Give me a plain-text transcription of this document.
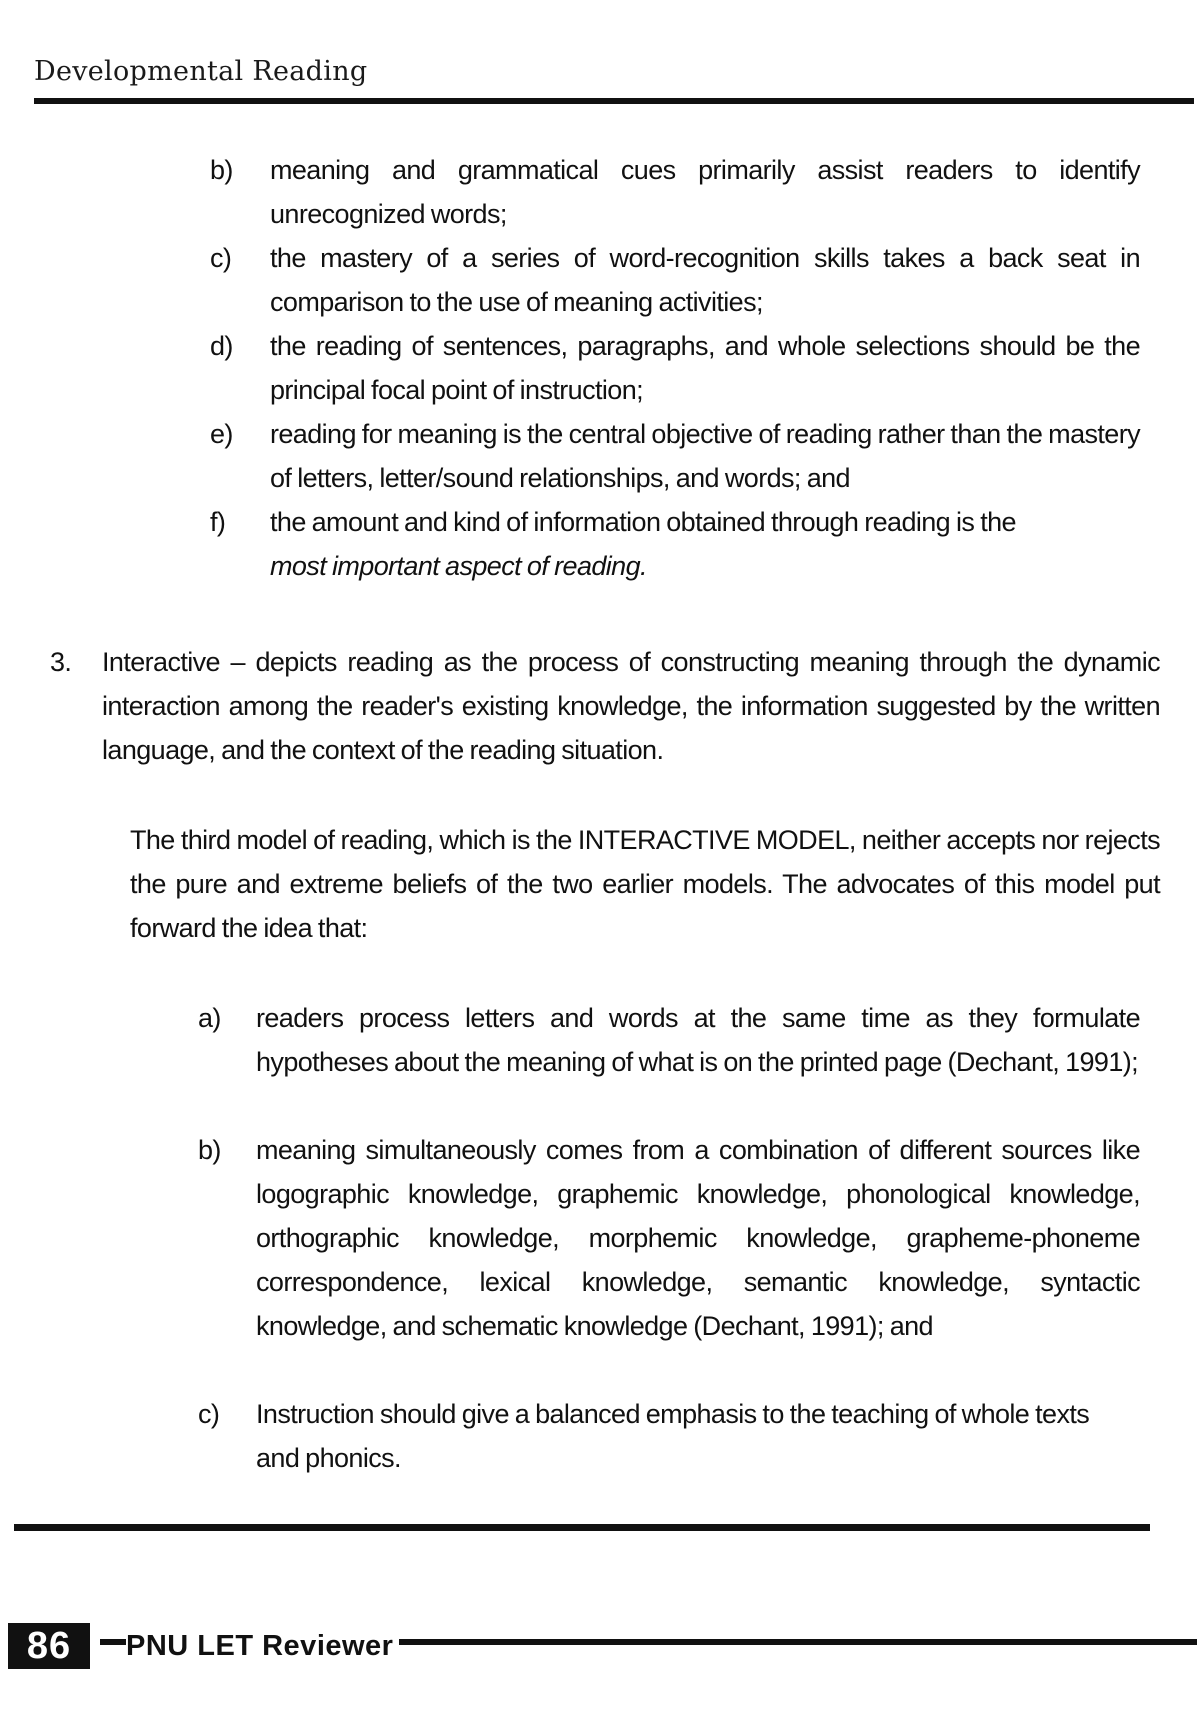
Developmental Reading
b) meaning and grammatical cues primarily assist readers to identify unrecognized words;
c) the mastery of a series of word-recognition skills takes a back seat in comparison to the use of meaning activities;
d) the reading of sentences, paragraphs, and whole selections should be the principal focal point of instruction;
e) reading for meaning is the central objective of reading rather than the mastery of letters, letter/sound relationships, and words; and
f) the amount and kind of information obtained through reading is the
most important aspect of reading.
3. Interactive – depicts reading as the process of constructing meaning through the dynamic interaction among the reader's existing knowledge, the information suggested by the written language, and the context of the reading situation.
The third model of reading, which is the INTERACTIVE MODEL, neither accepts nor rejects the pure and extreme beliefs of the two earlier models. The advocates of this model put forward the idea that:
a) readers process letters and words at the same time as they formulate hypotheses about the meaning of what is on the printed page (Dechant, 1991);
b) meaning simultaneously comes from a combination of different sources like logographic knowledge, graphemic knowledge, phonological knowledge, orthographic knowledge, morphemic knowledge, grapheme-phoneme correspondence, lexical knowledge, semantic knowledge, syntactic knowledge, and schematic knowledge (Dechant, 1991); and
c) Instruction should give a balanced emphasis to the teaching of whole texts and phonics.
86	PNU LET Reviewer
